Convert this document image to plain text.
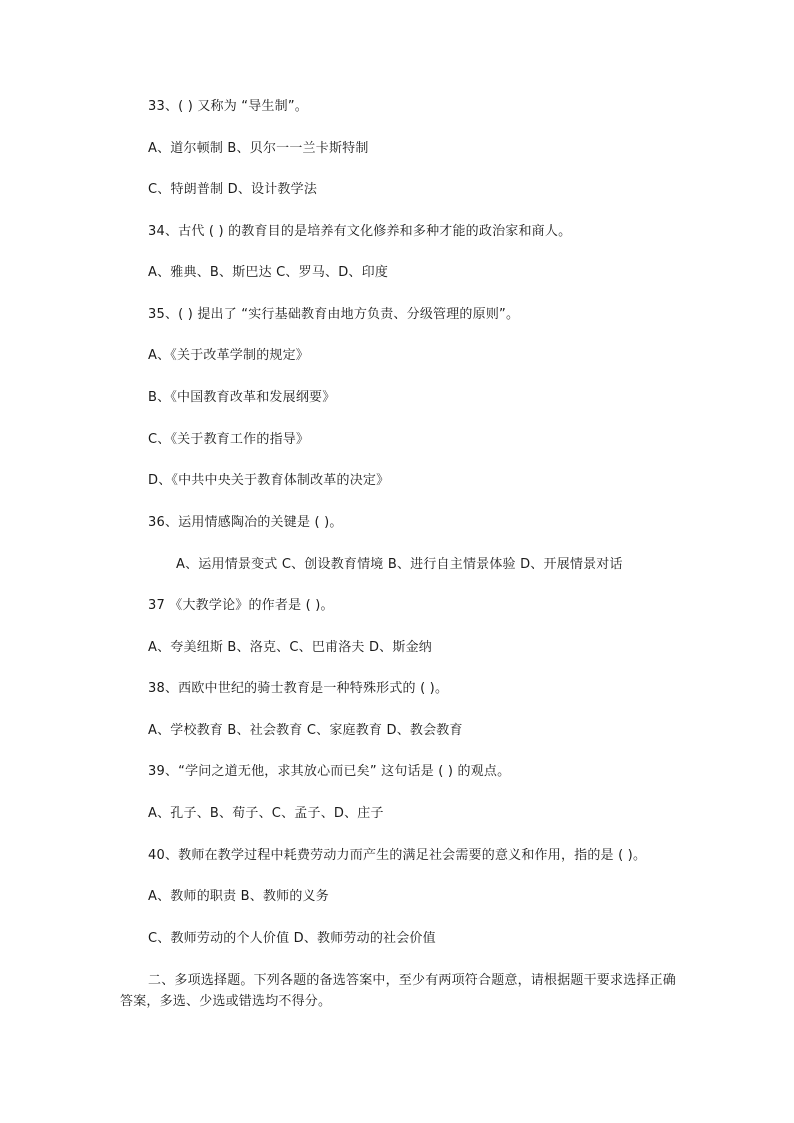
33、( ) 又称为 “导生制”。
A、道尔顿制 B、贝尔一一兰卡斯特制
C、特朗普制 D、设计教学法
34、古代 ( ) 的教育目的是培养有文化修养和多种才能的政治家和商人。
A、雅典、B、斯巴达 C、罗马、D、印度
35、( ) 提出了 “实行基础教育由地方负责、分级管理的原则”。
A、《关于改革学制的规定》
B、《中国教育改革和发展纲要》
C、《关于教育工作的指导》
D、《中共中央关于教育体制改革的决定》
36、运用情感陶冶的关键是 ( )。
A、运用情景变式 C、创设教育情境 B、进行自主情景体验 D、开展情景对话
37 《大教学论》的作者是 ( )。
A、夸美纽斯 B、洛克、C、巴甫洛夫 D、斯金纳
38、西欧中世纪的骑士教育是一种特殊形式的 ( )。
A、学校教育 B、社会教育 C、家庭教育 D、教会教育
39、“学问之道无他，求其放心而已矣” 这句话是 ( ) 的观点。
A、孔子、B、荀子、C、孟子、D、庄子
40、教师在教学过程中耗费劳动力而产生的满足社会需要的意义和作用，指的是 ( )。
A、教师的职责 B、教师的义务
C、教师劳动的个人价值 D、教师劳动的社会价值
二、多项选择题。下列各题的备选答案中，至少有两项符合题意，请根据题干要求选择正确答案，多选、少选或错选均不得分。
